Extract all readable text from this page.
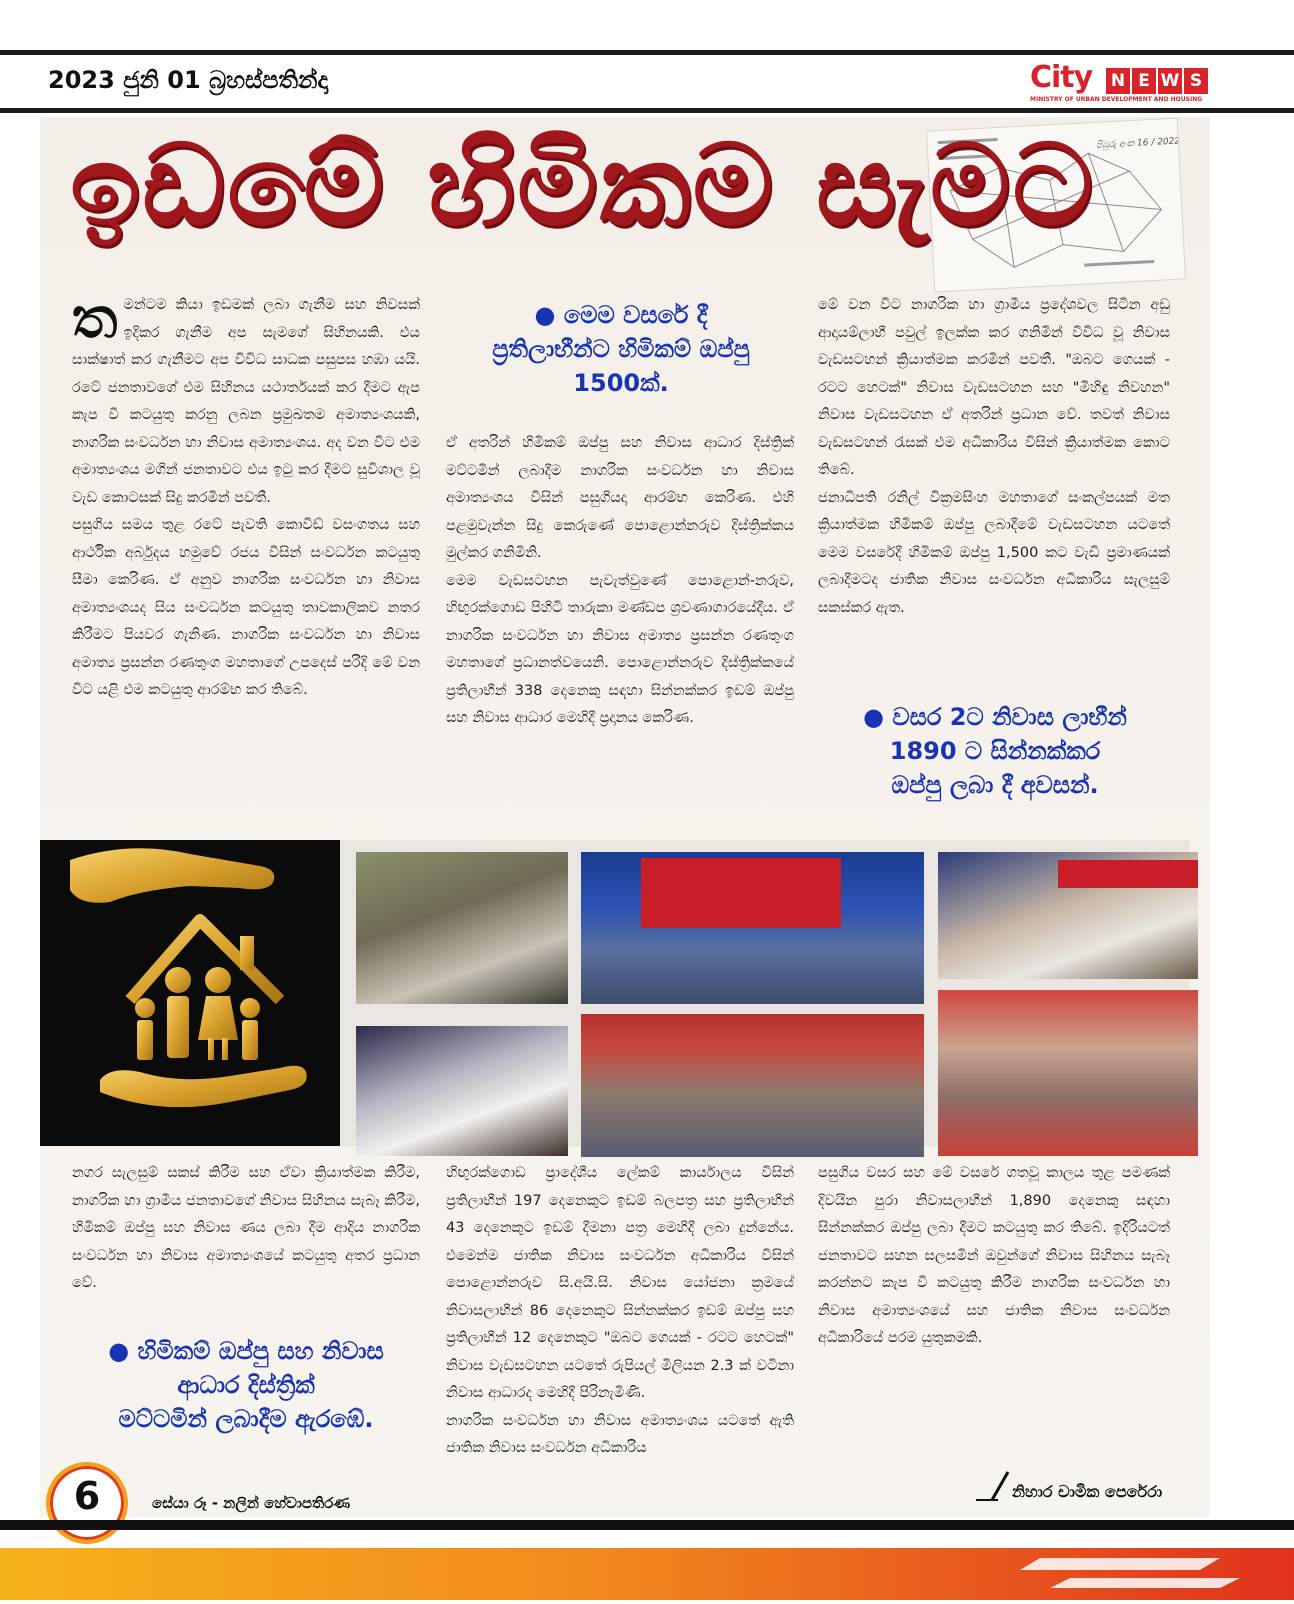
2023 ජුනි 01 බ්‍රහස්පතින්දා	City N E W S
MINISTRY OF URBAN DEVELOPMENT AND HOUSING
පිඹුරු අංක 16 / 2022
ඉඩමේ හිමිකම සැමට

තමන්ටම කියා ඉඩමක් ලබා ගැනීම සහ නිවසක් ඉදිකර ගැනීම අප සැමගේ සිහිනයකි. එය සාක්ෂාත් කර ගැනීමට අප විවිධ සාධක පසුපස හඹා යයි. රටේ ජනතාවගේ එම සිහිනය යථාර්තයක් කර දීමට ඇප කැප වී කටයුතු කරනු ලබන ප්‍රමුඛතම අමාත්‍යංශයකි, නාගරික සංවර්ධන හා නිවාස අමාත්‍යංශය. අද වන විට එම අමාත්‍යංශය මගින් ජනතාවට එය ඉටු කර දීමට සුවිශාල වූ වැඩ කොටසක් සිදු කරමින් පවතී.

පසුගිය සමය තුළ රටේ පැවති කොවිඩ් වසංගතය සහ ආර්ථික අර්බුදය හමුවේ රජය විසින් සංවර්ධන කටයුතු සීමා කෙරිණ. ඒ අනුව නාගරික සංවර්ධන හා නිවාස අමාත්‍යංශයද සිය සංවර්ධන කටයුතු තාවකාලිකව නතර කිරීමට පියවර ගැනිණ. නාගරික සංවර්ධන හා නිවාස අමාත්‍ය ප්‍රසන්න රණතුංග මහතාගේ උපදෙස් පරිදි මේ වන විට යළි එම කටයුතු ආරම්භ කර තිබේ.

● මෙම වසරේ දී
ප්‍රතිලාභීන්ට හිමිකම් ඔප්පු
1500ක්.

ඒ අතරින් හිමිකම් ඔප්පු සහ නිවාස ආධාර දිස්ත්‍රික් මට්ටමින් ලබාදීම නාගරික සංවර්ධන හා නිවාස අමාත්‍යංශය විසින් පසුගියදා ආරම්භ කෙරිණ. එහි පළමුවැන්න සිදු කෙරුණේ පොළොන්නරුව දිස්ත්‍රික්කය මුල්කර ගනිමිනි.

මෙම වැඩසටහන පැවැත්වුණේ පොළොන්-නරුව, හිඟුරක්ගොඩ පිහිටි තාරුකා මණ්ඩප ශ්‍රවණාගාරයේදීය. ඒ නාගරික සංවර්ධන හා නිවාස අමාත්‍ය ප්‍රසන්න රණතුංග මහතාගේ ප්‍රධානත්වයෙනි. පොළොන්නරුව දිස්ත්‍රික්කයේ ප්‍රතිලාභීන් 338 දෙනෙකු සඳහා සින්නක්කර ඉඩම් ඔප්පු සහ නිවාස ආධාර මෙහිදී ප්‍රදානය කෙරිණ.

මේ වන විට නාගරික හා ග්‍රාමීය ප්‍රදේශවල සිටින අඩු ආදායම්ලාභී පවුල් ඉලක්ක කර ගනිමින් විවිධ වූ නිවාස වැඩසටහන් ක්‍රියාත්මක කරමින් පවතී. "ඔබට ගෙයක් - රටට හෙටක්" නිවාස වැඩසටහන සහ "මිහිඳු නිවහන" නිවාස වැඩසටහන ඒ අතරින් ප්‍රධාන වේ. තවත් නිවාස වැඩසටහන් රැසක් එම අධිකාරිය විසින් ක්‍රියාත්මක කොට තිබේ.

ජනාධිපති රනිල් වික්‍රමසිංහ මහතාගේ සංකල්පයක් මත ක්‍රියාත්මක හිමිකම් ඔප්පු ලබාදීමේ වැඩසටහන යටතේ මෙම වසරේදී හිමිකම් ඔප්පු 1,500 කට වැඩි ප්‍රමාණයක් ලබාදීමටද ජාතික නිවාස සංවර්ධන අධිකාරිය සැලසුම් සකස්කර ඇත.

● වසර 2ට නිවාස ලාභීන්
1890 ට සින්නක්කර
ඔප්පු ලබා දී අවසන්.

නගර සැලසුම් සකස් කිරීම සහ ඒවා ක්‍රියාත්මක කිරීම, නාගරික හා ග්‍රාමීය ජනතාවගේ නිවාස සිහිනය සැබෑ කිරීම, හිමිකම් ඔප්පු සහ නිවාස ණය ලබා දීම ආදිය නාගරික සංවර්ධන හා නිවාස අමාත්‍යංශයේ කටයුතු අතර ප්‍රධාන වේ.

● හිමිකම් ඔප්පු සහ නිවාස
ආධාර දිස්ත්‍රික්
මට්ටමින් ලබාදීම ඇරඹේ.

හිඟුරක්ගොඩ ප්‍රාදේශීය ලේකම් කාර්යාලය විසින් ප්‍රතිලාභීන් 197 දෙනෙකුට ඉඩම් බලපත්‍ර සහ ප්‍රතිලාභීන් 43 දෙනෙකුට ඉඩම් දීමනා පත්‍ර මෙහිදී ලබා දුන්නේය. එමෙන්ම ජාතික නිවාස සංවර්ධන අධිකාරිය විසින් පොළොන්නරුව සි.අයි.සි. නිවාස යෝජනා ක්‍රමයේ නිවාසලාභීන් 86 දෙනෙකුට සින්නක්කර ඉඩම් ඔප්පු සහ ප්‍රතිලාභීන් 12 දෙනෙකුට "ඔබට ගෙයක් - රටට හෙටක්" නිවාස වැඩසටහන යටතේ රුපියල් මිලියන 2.3 ක් වටිනා නිවාස ආධාරද මෙහිදී පිරිනැමිණි.

නාගරික සංවර්ධන හා නිවාස අමාත්‍යංශය යටතේ ඇති ජාතික නිවාස සංවර්ධන අධිකාරිය

පසුගිය වසර සහ මේ වසරේ ගතවූ කාලය තුළ පමණක් දිවයින පුරා නිවාසලාභීන් 1,890 දෙනෙකු සඳහා සින්නක්කර ඔප්පු ලබා දීමට කටයුතු කර තිබේ. ඉදිරියටත් ජනතාවට සහන සලසමින් ඔවුන්ගේ නිවාස සිහිනය සැබෑ කරන්නට කැප වී කටයුතු කිරීම නාගරික සංවර්ධන හා නිවාස අමාත්‍යංශයේ සහ ජාතික නිවාස සංවර්ධන අධිකාරියේ පරම යුතුකමකි.

6	සේයා රූ - නලින් හේවාපතිරණ
නිහාර චාමික පෙරේරා
